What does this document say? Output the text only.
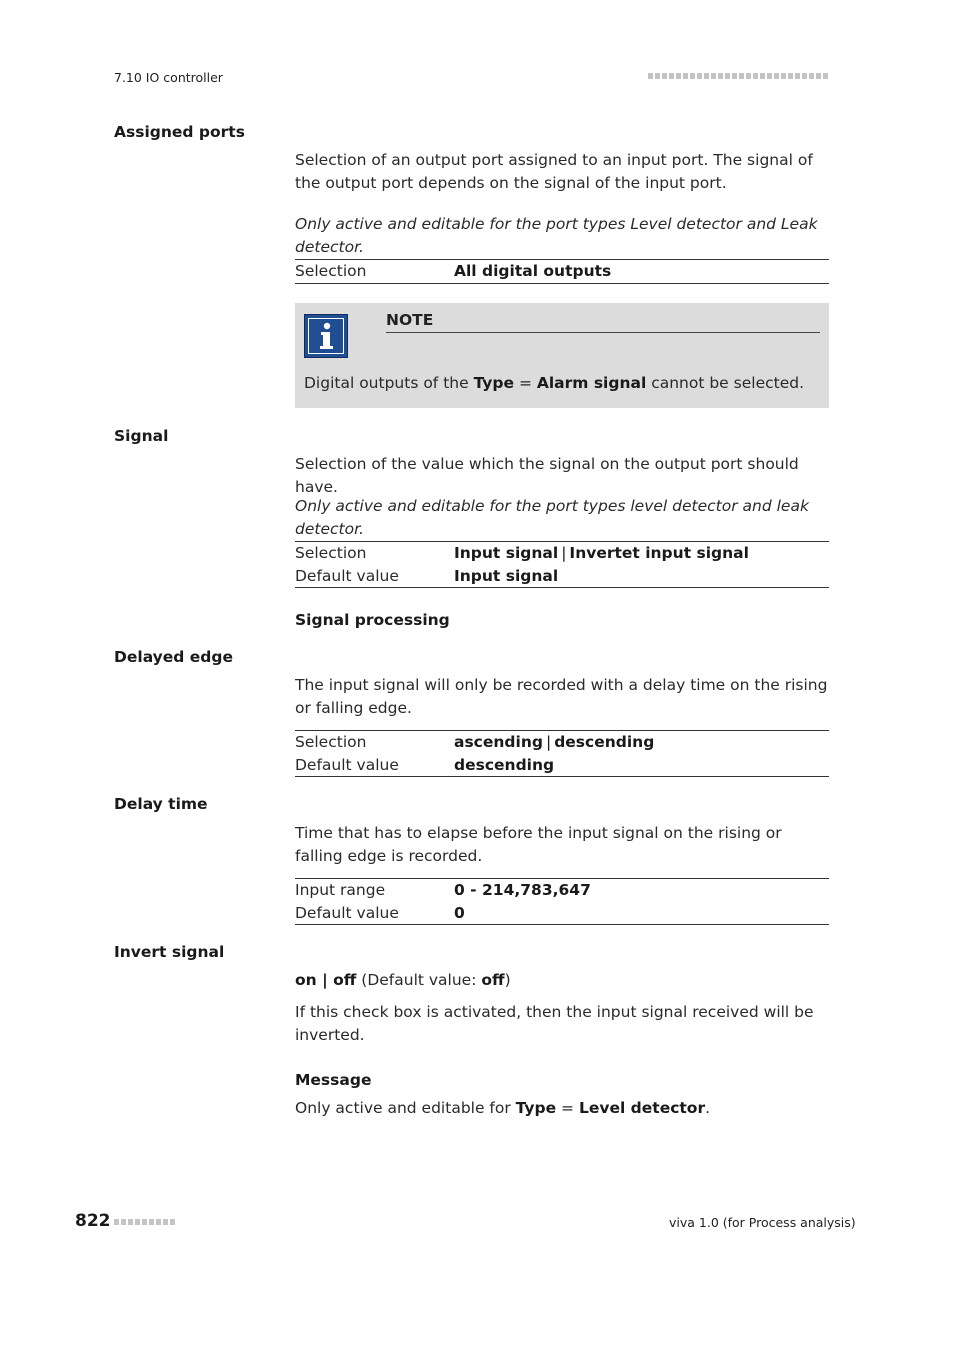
7.10 IO controller
Assigned ports
Selection of an output port assigned to an input port. The signal of the output port depends on the signal of the input port.
Only active and editable for the port types Level detector and Leak detector.
Selection	All digital outputs
NOTE
Digital outputs of the Type = Alarm signal cannot be selected.
Signal
Selection of the value which the signal on the output port should have.
Only active and editable for the port types level detector and leak detector.
Selection	Input signal | Invertet input signal
Default value	Input signal
Signal processing
Delayed edge
The input signal will only be recorded with a delay time on the rising or falling edge.
Selection	ascending | descending
Default value	descending
Delay time
Time that has to elapse before the input signal on the rising or falling edge is recorded.
Input range	0 - 214,783,647
Default value	0
Invert signal
on | off (Default value: off)
If this check box is activated, then the input signal received will be inverted.
Message
Only active and editable for Type = Level detector.
822	viva 1.0 (for Process analysis)
